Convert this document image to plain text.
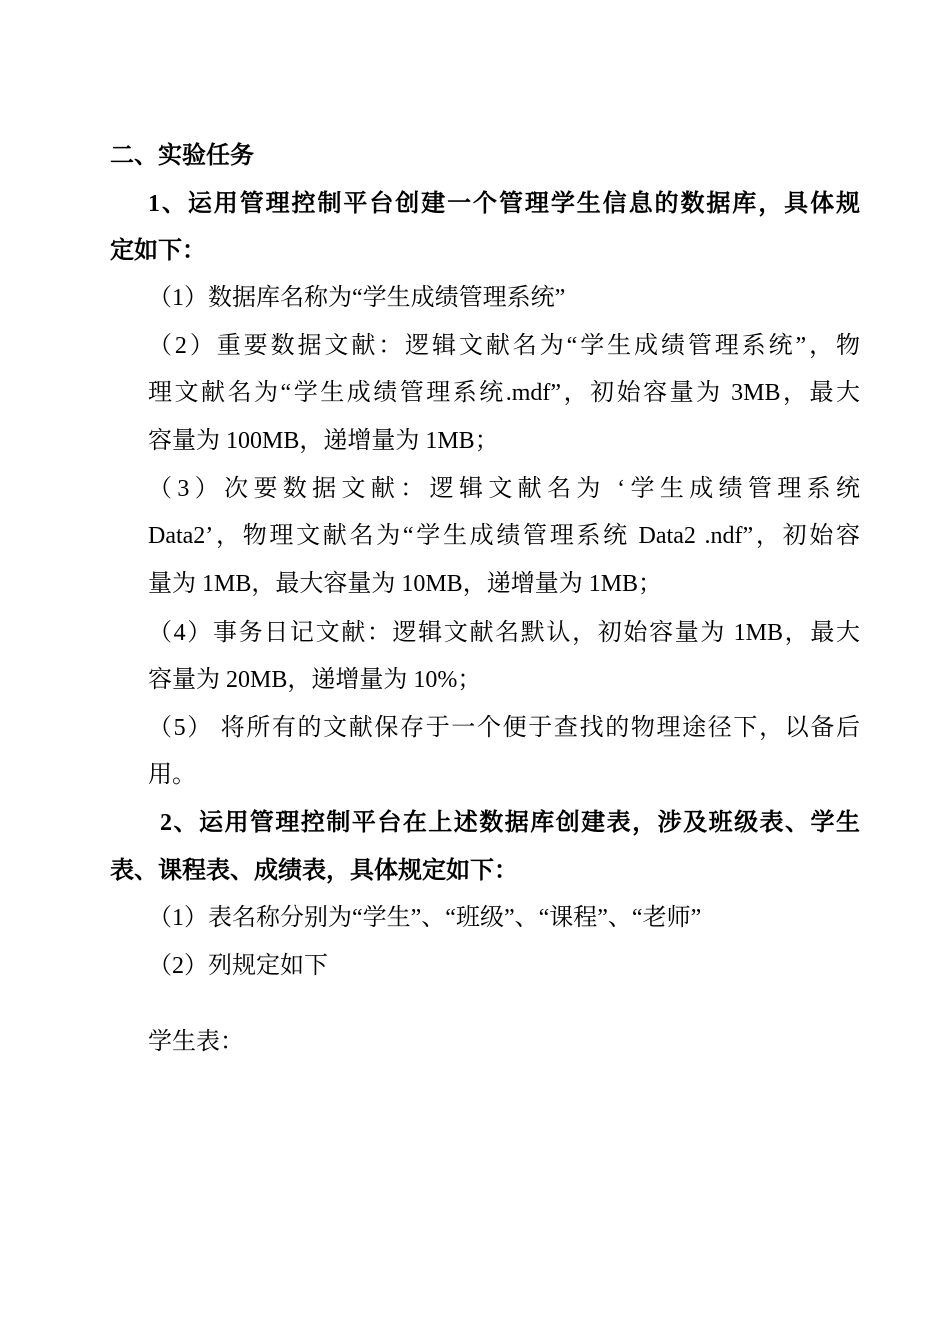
二、实验任务
1、运用管理控制平台创建一个管理学生信息的数据库，具体规
定如下：
（1）数据库名称为“学生成绩管理系统”
（2）重要数据文献：逻辑文献名为“学生成绩管理系统”，物
理文献名为“学生成绩管理系统.mdf”，初始容量为 3MB，最大
容量为 100MB，递增量为 1MB；
（3）次要数据文献：逻辑文献名为 ‘学生成绩管理系统
Data2’，物理文献名为“学生成绩管理系统 Data2 .ndf”，初始容
量为 1MB，最大容量为 10MB，递增量为 1MB；
（4）事务日记文献：逻辑文献名默认，初始容量为 1MB，最大
容量为 20MB，递增量为 10%；
（5） 将所有的文献保存于一个便于查找的物理途径下，以备后
用。
2、运用管理控制平台在上述数据库创建表，涉及班级表、学生
表、课程表、成绩表，具体规定如下：
（1）表名称分别为“学生”、“班级”、“课程”、“老师”
（2）列规定如下
学生表：
